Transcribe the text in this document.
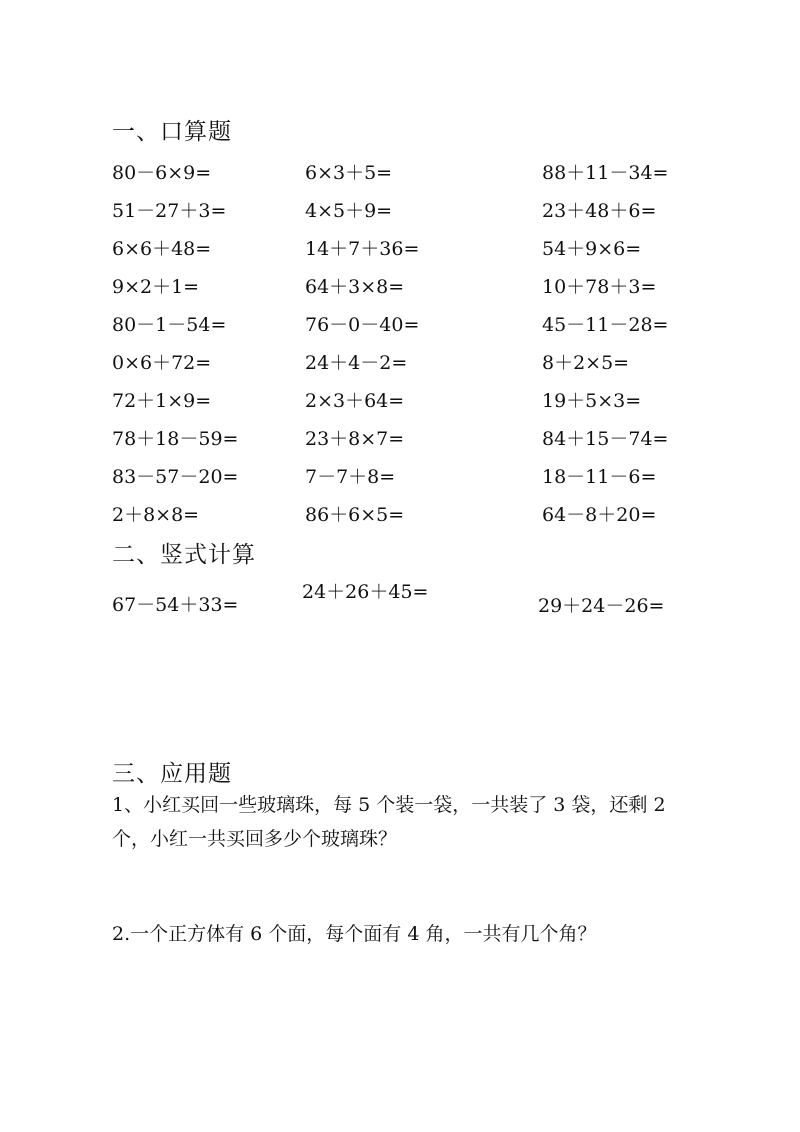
一、口算题
80－6×9=	6×3＋5=	88＋11－34=
51－27＋3=	4×5＋9=	23＋48＋6=
6×6＋48=	14＋7＋36=	54＋9×6=
9×2＋1=	64＋3×8=	10＋78＋3=
80－1－54=	76－0－40=	45－11－28=
0×6＋72=	24＋4－2=	8＋2×5=
72＋1×9=	2×3＋64=	19＋5×3=
78＋18－59=	23＋8×7=	84＋15－74=
83－57－20=	7－7＋8=	18－11－6=
2＋8×8=	86＋6×5=	64－8＋20=
二、竖式计算
67－54＋33=
24＋26＋45=
29＋24－26=
三、应用题
1、小红买回一些玻璃珠，每 5 个装一袋，一共装了 3 袋，还剩 2 个，小红一共买回多少个玻璃珠？
2.一个正方体有 6 个面，每个面有 4 角，一共有几个角？
